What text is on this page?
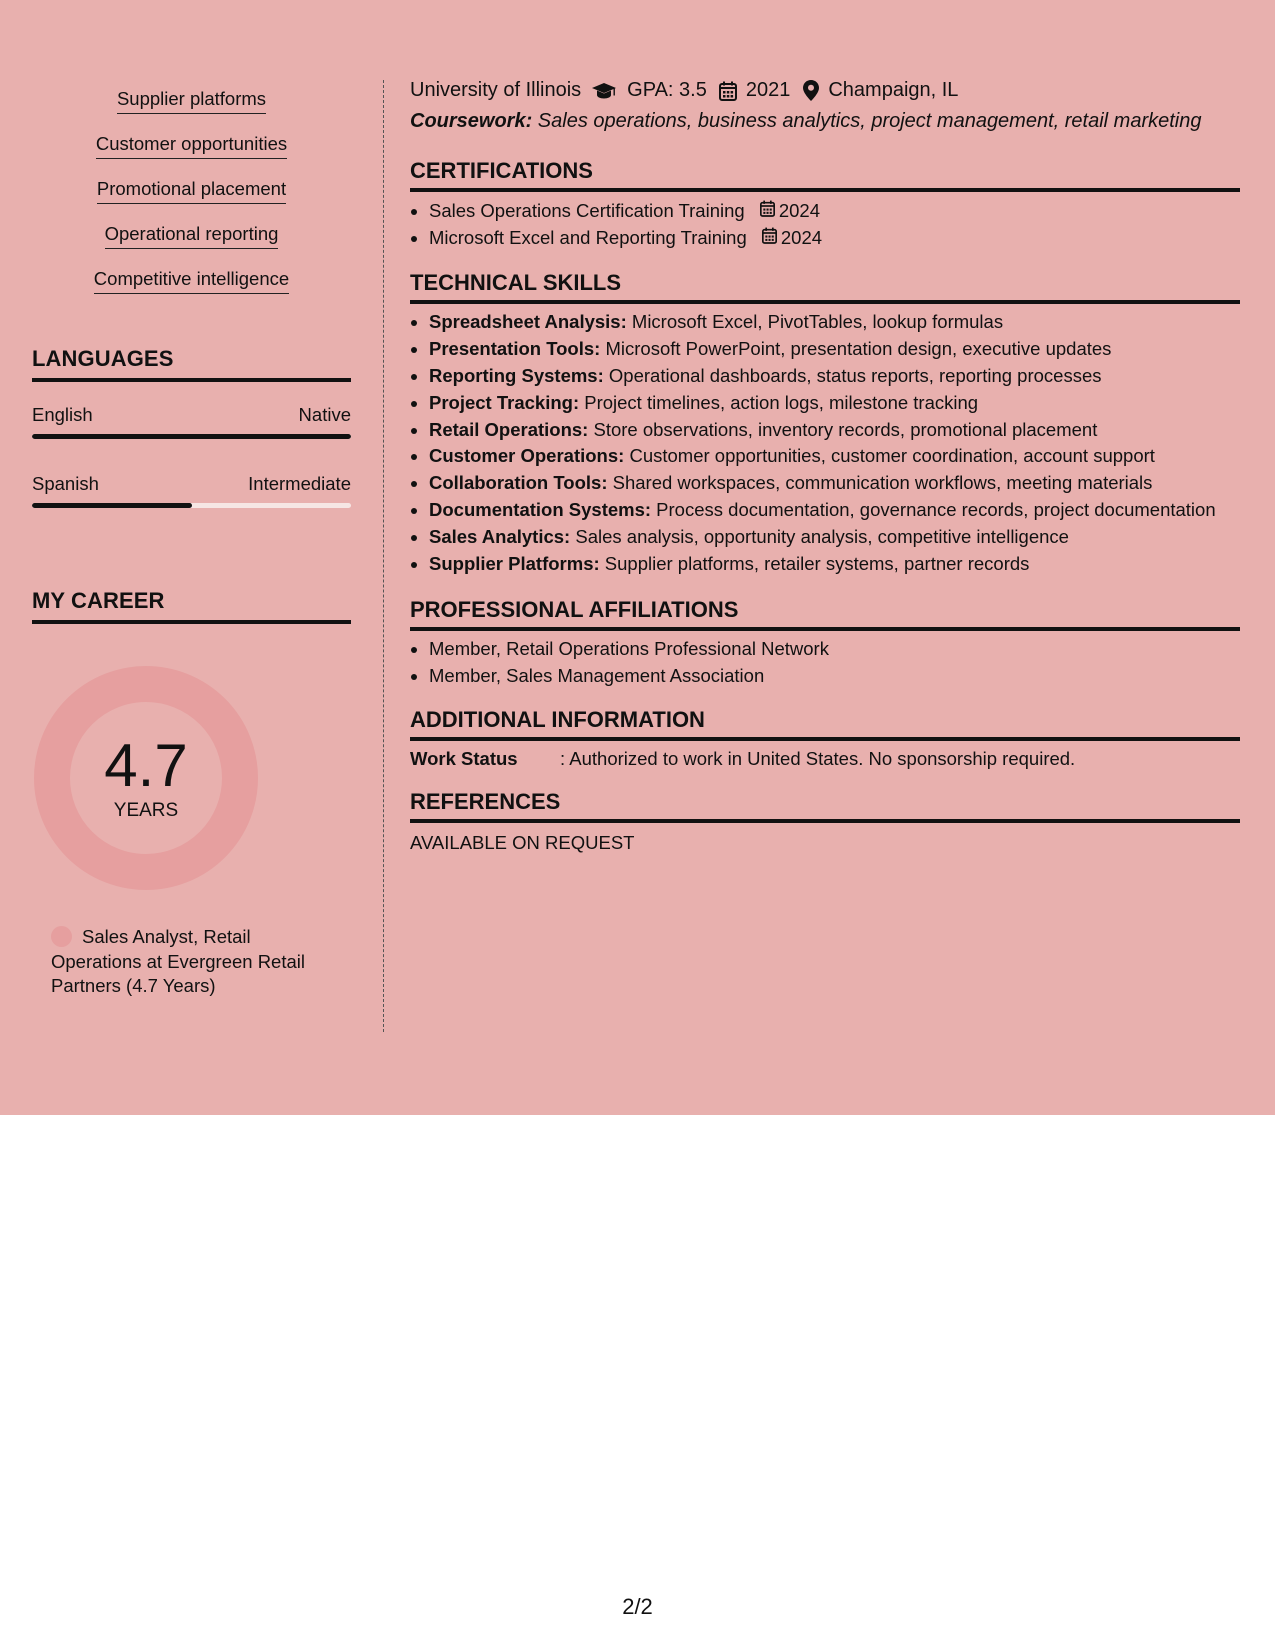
Supplier platforms
Customer opportunities
Promotional placement
Operational reporting
Competitive intelligence
LANGUAGES
English	Native
Spanish	Intermediate
MY CAREER
4.7
YEARS
Sales Analyst, Retail Operations at Evergreen Retail Partners (4.7 Years)
University of Illinois GPA: 3.5 2021 Champaign, IL
Coursework: Sales operations, business analytics, project management, retail marketing
CERTIFICATIONS
• Sales Operations Certification Training 2024
• Microsoft Excel and Reporting Training 2024
TECHNICAL SKILLS
• Spreadsheet Analysis: Microsoft Excel, PivotTables, lookup formulas
• Presentation Tools: Microsoft PowerPoint, presentation design, executive updates
• Reporting Systems: Operational dashboards, status reports, reporting processes
• Project Tracking: Project timelines, action logs, milestone tracking
• Retail Operations: Store observations, inventory records, promotional placement
• Customer Operations: Customer opportunities, customer coordination, account support
• Collaboration Tools: Shared workspaces, communication workflows, meeting materials
• Documentation Systems: Process documentation, governance records, project documentation
• Sales Analytics: Sales analysis, opportunity analysis, competitive intelligence
• Supplier Platforms: Supplier platforms, retailer systems, partner records
PROFESSIONAL AFFILIATIONS
• Member, Retail Operations Professional Network
• Member, Sales Management Association
ADDITIONAL INFORMATION
Work Status : Authorized to work in United States. No sponsorship required.
REFERENCES
AVAILABLE ON REQUEST
2/2
